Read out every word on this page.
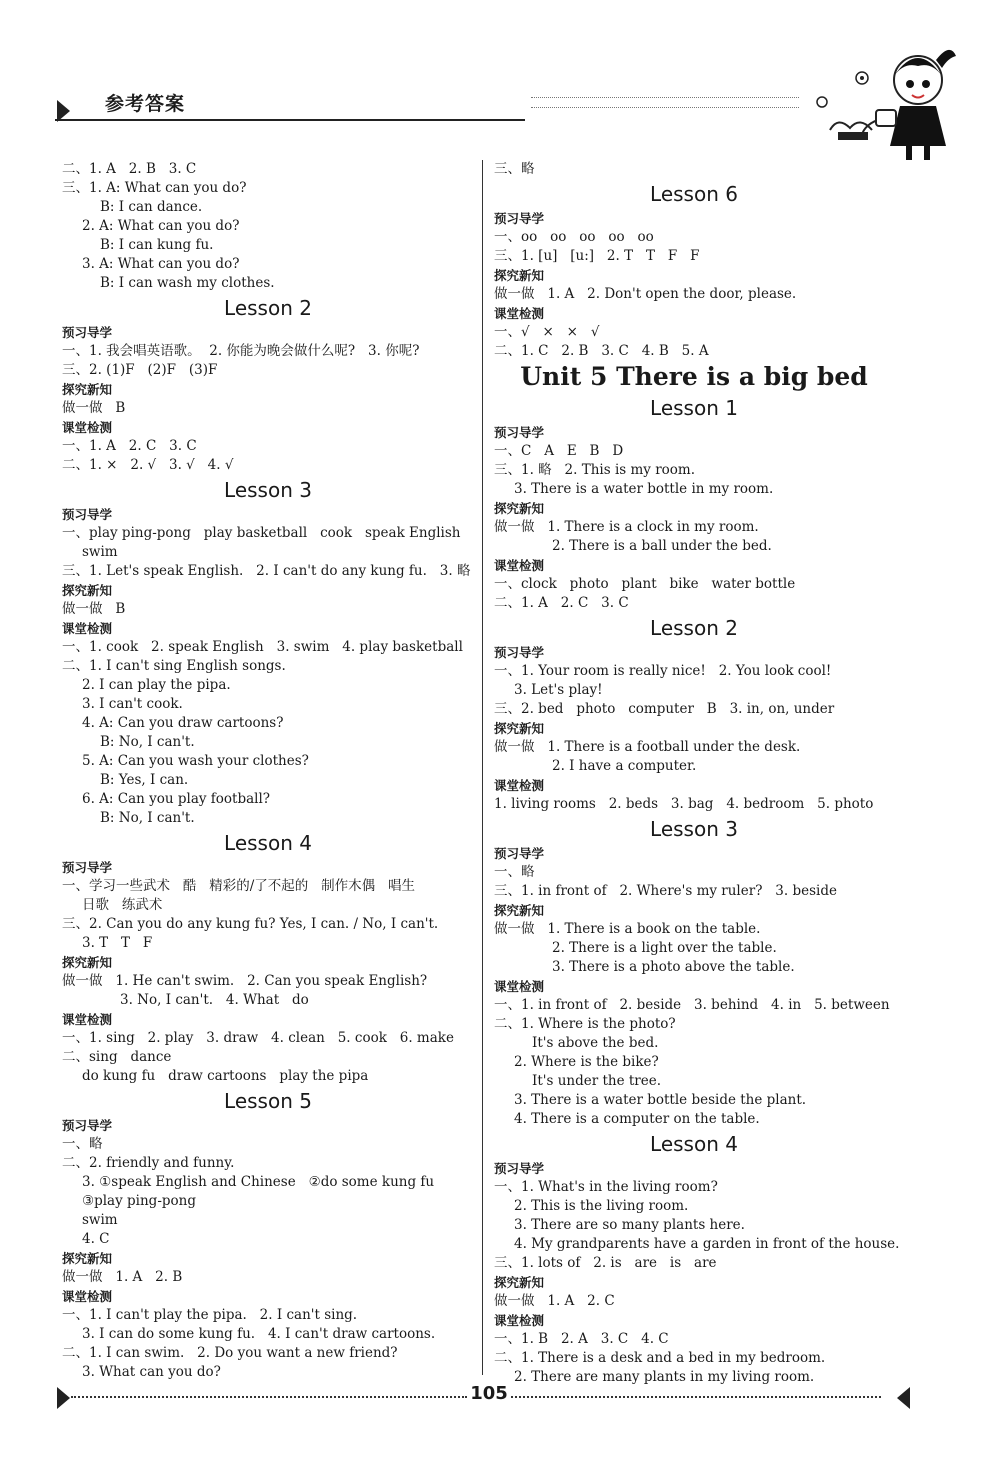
参考答案
二、1. A   2. B   3. C
三、1. A: What can you do?
B: I can dance.
2. A: What can you do?
B: I can kung fu.
3. A: What can you do?
B: I can wash my clothes.
Lesson 2
预习导学
一、1. 我会唱英语歌。  2. 你能为晚会做什么呢?   3. 你呢?
三、2. (1)F   (2)F   (3)F
探究新知
做一做   B
课堂检测
一、1. A   2. C   3. C
二、1. ×   2. √   3. √   4. √
Lesson 3
预习导学
一、play ping-pong   play basketball   cook   speak English
swim
三、1. Let's speak English.   2. I can't do any kung fu.   3. 略
探究新知
做一做   B
课堂检测
一、1. cook   2. speak English   3. swim   4. play basketball
二、1. I can't sing English songs.
2. I can play the pipa.
3. I can't cook.
4. A: Can you draw cartoons?
B: No, I can't.
5. A: Can you wash your clothes?
B: Yes, I can.
6. A: Can you play football?
B: No, I can't.
Lesson 4
预习导学
一、学习一些武术   酷   精彩的/了不起的   制作木偶   唱生
日歌   练武术
三、2. Can you do any kung fu? Yes, I can. / No, I can't.
3. T   T   F
探究新知
做一做   1. He can't swim.   2. Can you speak English?
3. No, I can't.   4. What   do
课堂检测
一、1. sing   2. play   3. draw   4. clean   5. cook   6. make
二、sing   dance
do kung fu   draw cartoons   play the pipa
Lesson 5
预习导学
一、略
二、2. friendly and funny.
3. ①speak English and Chinese   ②do some kung fu
③play ping-pong
swim
4. C
探究新知
做一做   1. A   2. B
课堂检测
一、1. I can't play the pipa.   2. I can't sing.
3. I can do some kung fu.   4. I can't draw cartoons.
二、1. I can swim.   2. Do you want a new friend?
3. What can you do?
三、略
Lesson 6
预习导学
一、oo   oo   oo   oo   oo
三、1. [u]   [u:]   2. T   T   F   F
探究新知
做一做   1. A   2. Don't open the door, please.
课堂检测
一、√   ×   ×   √
二、1. C   2. B   3. C   4. B   5. A
Unit 5 There is a big bed
Lesson 1
预习导学
一、C   A   E   B   D
三、1. 略   2. This is my room.
3. There is a water bottle in my room.
探究新知
做一做   1. There is a clock in my room.
2. There is a ball under the bed.
课堂检测
一、clock   photo   plant   bike   water bottle
二、1. A   2. C   3. C
Lesson 2
预习导学
一、1. Your room is really nice!   2. You look cool!
3. Let's play!
三、2. bed   photo   computer   B   3. in, on, under
探究新知
做一做   1. There is a football under the desk.
2. I have a computer.
课堂检测
1. living rooms   2. beds   3. bag   4. bedroom   5. photo
Lesson 3
预习导学
一、略
三、1. in front of   2. Where's my ruler?   3. beside
探究新知
做一做   1. There is a book on the table.
2. There is a light over the table.
3. There is a photo above the table.
课堂检测
一、1. in front of   2. beside   3. behind   4. in   5. between
二、1. Where is the photo?
It's above the bed.
2. Where is the bike?
It's under the tree.
3. There is a water bottle beside the plant.
4. There is a computer on the table.
Lesson 4
预习导学
一、1. What's in the living room?
2. This is the living room.
3. There are so many plants here.
4. My grandparents have a garden in front of the house.
三、1. lots of   2. is   are   is   are
探究新知
做一做   1. A   2. C
课堂检测
一、1. B   2. A   3. C   4. C
二、1. There is a desk and a bed in my bedroom.
2. There are many plants in my living room.
105
